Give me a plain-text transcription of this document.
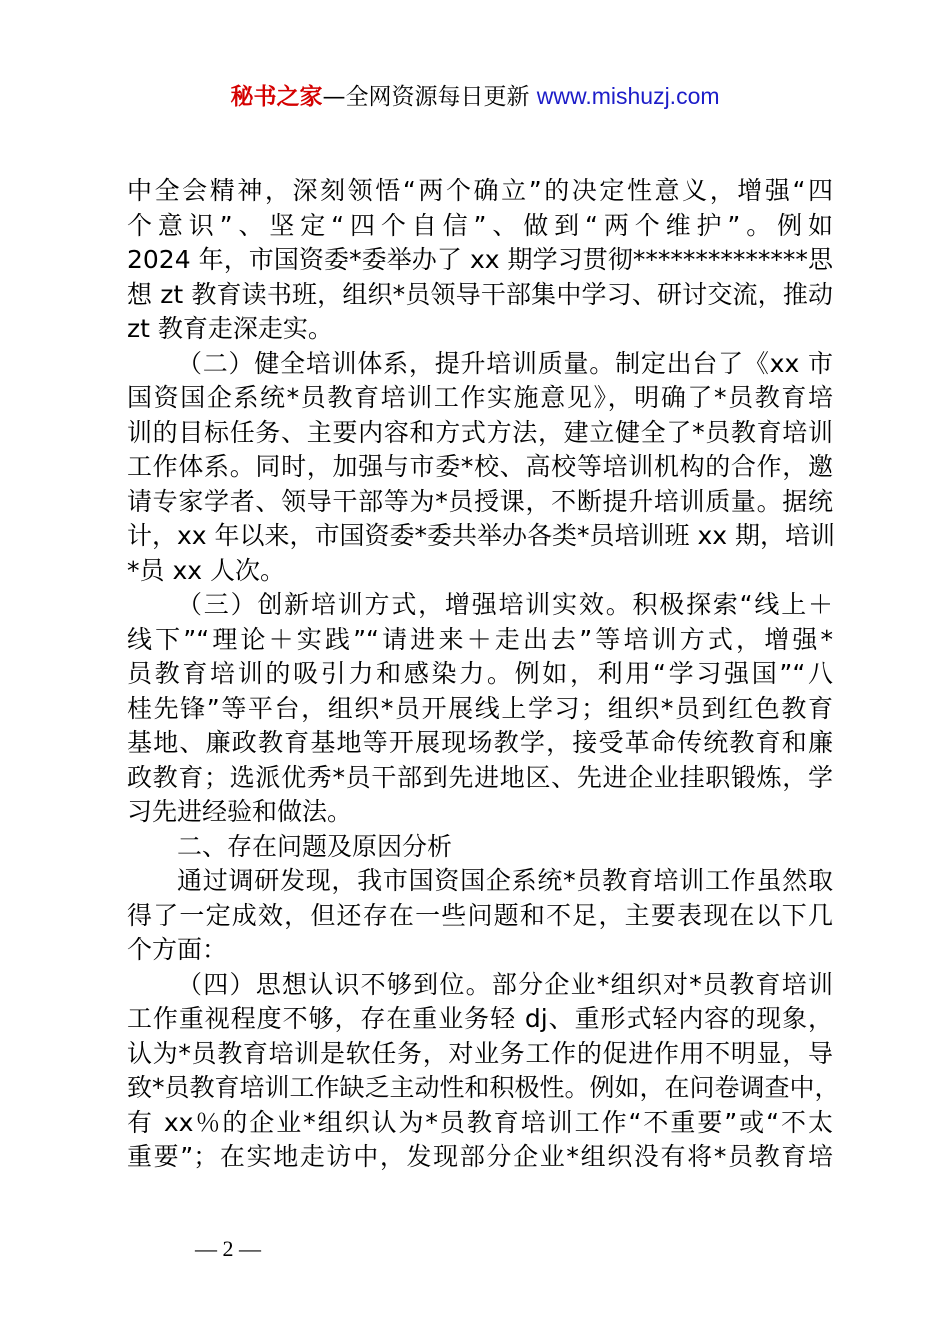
秘书之家—全网资源每日更新 www.mishuzj.com
中全会精神，深刻领悟“两个确立”的决定性意义，增强“四
个意识”、坚定“四个自信”、做到“两个维护”。例如
2024 年，市国资委*委举办了 xx 期学习贯彻**************思
想 zt 教育读书班，组织*员领导干部集中学习、研讨交流，推动
zt 教育走深走实。
（二）健全培训体系，提升培训质量。制定出台了《xx 市
国资国企系统*员教育培训工作实施意见》，明确了*员教育培
训的目标任务、主要内容和方式方法，建立健全了*员教育培训
工作体系。同时，加强与市委*校、高校等培训机构的合作，邀
请专家学者、领导干部等为*员授课，不断提升培训质量。据统
计，xx 年以来，市国资委*委共举办各类*员培训班 xx 期，培训
*员 xx 人次。
（三）创新培训方式，增强培训实效。积极探索“线上＋
线下”“理论＋实践”“请进来＋走出去”等培训方式，增强*
员教育培训的吸引力和感染力。例如，利用“学习强国”“八
桂先锋”等平台，组织*员开展线上学习；组织*员到红色教育
基地、廉政教育基地等开展现场教学，接受革命传统教育和廉
政教育；选派优秀*员干部到先进地区、先进企业挂职锻炼，学
习先进经验和做法。
二、存在问题及原因分析
通过调研发现，我市国资国企系统*员教育培训工作虽然取
得了一定成效，但还存在一些问题和不足，主要表现在以下几
个方面：
（四）思想认识不够到位。部分企业*组织对*员教育培训
工作重视程度不够，存在重业务轻 dj、重形式轻内容的现象，
认为*员教育培训是软任务，对业务工作的促进作用不明显，导
致*员教育培训工作缺乏主动性和积极性。例如，在问卷调查中，
有 xx％的企业*组织认为*员教育培训工作“不重要”或“不太
重要”；在实地走访中，发现部分企业*组织没有将*员教育培
— 2 —
